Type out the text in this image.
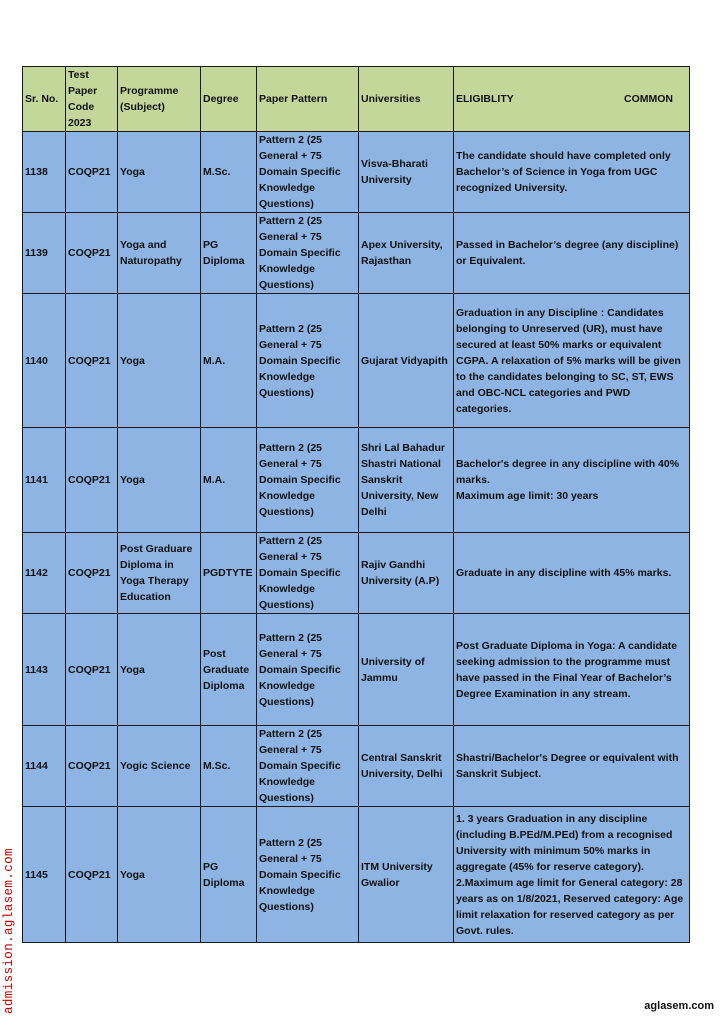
Sr. No.	Test Paper Code 2023	Programme (Subject)	Degree	Paper Pattern	Universities	ELIGIBLITY COMMON

1138	COQP21	Yoga	M.Sc.	Pattern 2 (25 General + 75 Domain Specific Knowledge Questions)	Visva-Bharati University	The candidate should have completed only Bachelor’s of Science in Yoga from UGC recognized University.
1139	COQP21	Yoga and Naturopathy	PG Diploma	Pattern 2 (25 General + 75 Domain Specific Knowledge Questions)	Apex University, Rajasthan	Passed in Bachelor’s degree (any discipline) or Equivalent.
1140	COQP21	Yoga	M.A.	Pattern 2 (25 General + 75 Domain Specific Knowledge Questions)	Gujarat Vidyapith	Graduation in any Discipline : Candidates belonging to Unreserved (UR), must have secured at least 50% marks or equivalent CGPA. A relaxation of 5% marks will be given to the candidates belonging to SC, ST, EWS and OBC-NCL categories and PWD categories.
1141	COQP21	Yoga	M.A.	Pattern 2 (25 General + 75 Domain Specific Knowledge Questions)	Shri Lal Bahadur Shastri National Sanskrit University, New Delhi	Bachelor's degree in any discipline with 40% marks.
Maximum age limit: 30 years
1142	COQP21	Post Graduare Diploma in Yoga Therapy Education	PGDTYTE	Pattern 2 (25 General + 75 Domain Specific Knowledge Questions)	Rajiv Gandhi University (A.P)	Graduate in any discipline with 45% marks.
1143	COQP21	Yoga	Post Graduate Diploma	Pattern 2 (25 General + 75 Domain Specific Knowledge Questions)	University of Jammu	Post Graduate Diploma in Yoga: A candidate seeking admission to the programme must have passed in the Final Year of Bachelor’s Degree Examination in any stream.
1144	COQP21	Yogic Science	M.Sc.	Pattern 2 (25 General + 75 Domain Specific Knowledge Questions)	Central Sanskrit University, Delhi	Shastri/Bachelor's Degree or equivalent with Sanskrit Subject.
1145	COQP21	Yoga	PG Diploma	Pattern 2 (25 General + 75 Domain Specific Knowledge Questions)	ITM University Gwalior	1. 3 years Graduation in any discipline (including B.PEd/M.PEd) from a recognised University with minimum 50% marks in aggregate (45% for reserve category).
2.Maximum age limit for General category: 28 years as on 1/8/2021, Reserved category: Age limit relaxation for reserved category as per Govt. rules.
admission.aglasem.com	aglasem.com
